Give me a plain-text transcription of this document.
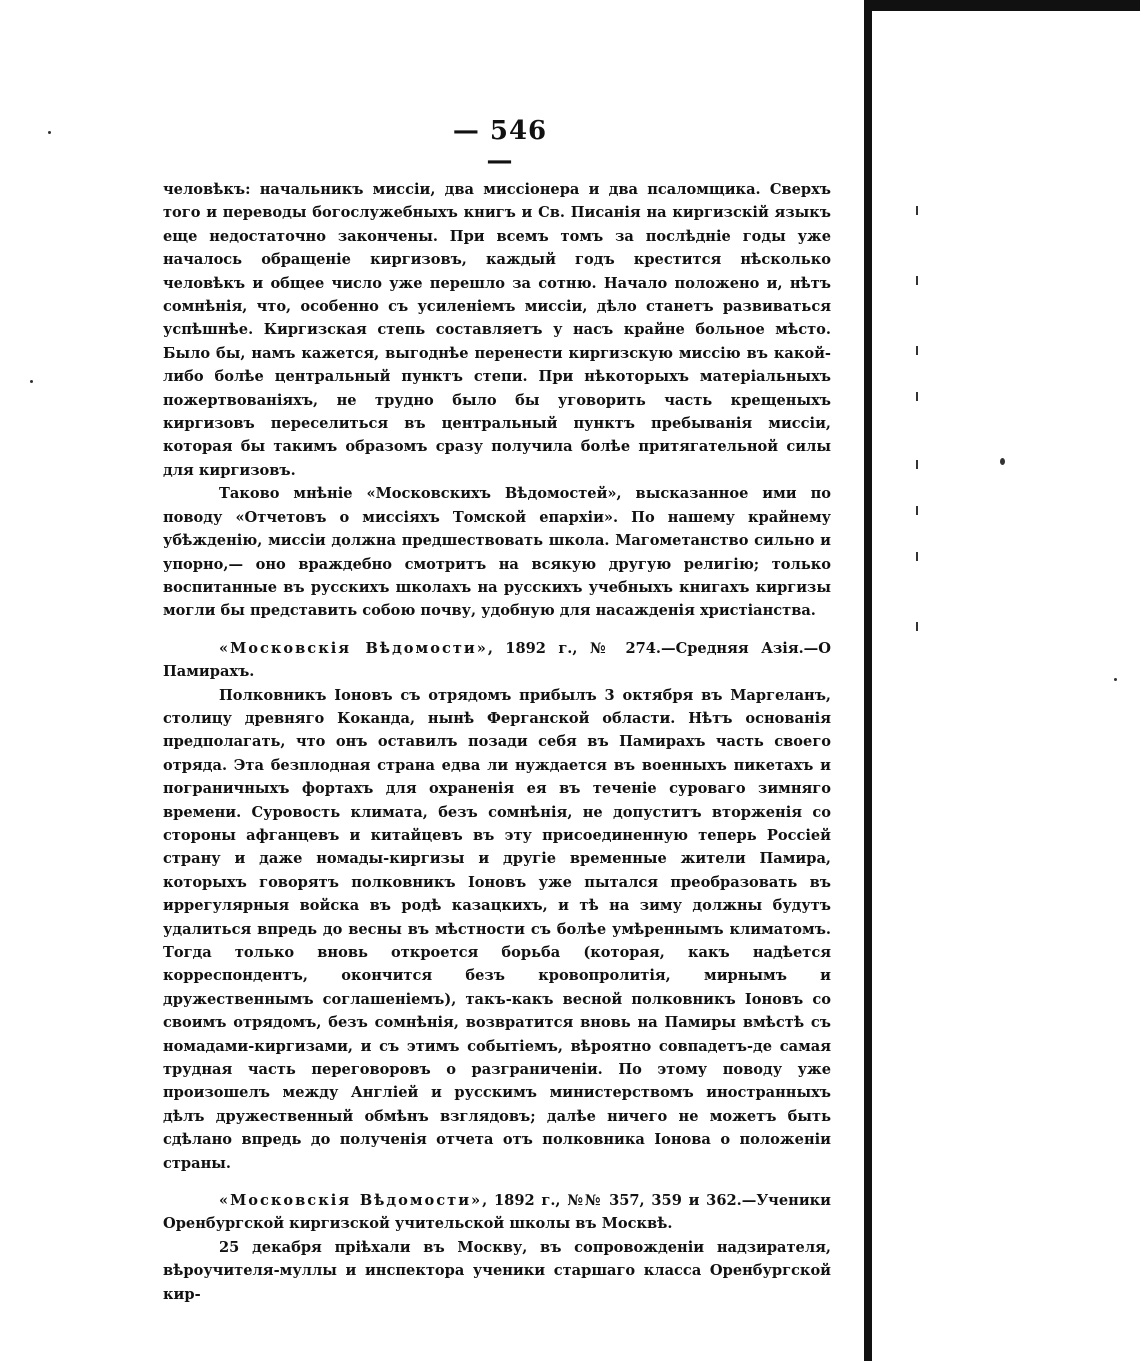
— 546 —

человѣкъ: начальникъ миссіи, два миссіонера и два псаломщика. Сверхъ того и переводы богослужебныхъ книгъ и Св. Писанія на киргизскій языкъ еще недостаточно закончены. При всемъ томъ за послѣдніе годы уже началось обращеніе киргизовъ, каждый годъ крестится нѣсколько человѣкъ и общее число уже перешло за сотню. Начало положено и, нѣтъ сомнѣнія, что, особенно съ усиленіемъ миссіи, дѣло станетъ развиваться успѣшнѣе. Киргизская степь составляетъ у насъ крайне больное мѣсто. Было бы, намъ кажется, выгоднѣе перенести киргизскую миссію въ какой-либо болѣе центральный пунктъ степи. При нѣкоторыхъ матеріальныхъ пожертвованіяхъ, не трудно было бы уговорить часть крещеныхъ киргизовъ переселиться въ центральный пунктъ пребыванія миссіи, которая бы такимъ образомъ сразу получила болѣе притягательной силы для киргизовъ.

Таково мнѣніе «Московскихъ Вѣдомостей», высказанное ими по поводу «Отчетовъ о миссіяхъ Томской епархіи». По нашему крайнему убѣжденію, миссіи должна предшествовать школа. Магометанство сильно и упорно,— оно враждебно смотритъ на всякую другую религію; только воспитанные въ русскихъ школахъ на русскихъ учебныхъ книгахъ киргизы могли бы представить собою почву, удобную для насажденія христіанства.

«Московскія Вѣдомости», 1892 г., № 274.—Средняя Азія.—О Памирахъ.

Полковникъ Іоновъ съ отрядомъ прибылъ 3 октября въ Маргеланъ, столицу древняго Коканда, нынѣ Ферганской области. Нѣтъ основанія предполагать, что онъ оставилъ позади себя въ Памирахъ часть своего отряда. Эта безплодная страна едва ли нуждается въ военныхъ пикетахъ и пограничныхъ фортахъ для охраненія ея въ теченіе суроваго зимняго времени. Суровость климата, безъ сомнѣнія, не допуститъ вторженія со стороны афганцевъ и китайцевъ въ эту присоединенную теперь Россіей страну и даже номады-киргизы и другіе временные жители Памира, которыхъ говорятъ полковникъ Іоновъ уже пытался преобразовать въ иррегулярныя войска въ родѣ казацкихъ, и тѣ на зиму должны будутъ удалиться впредь до весны въ мѣстности съ болѣе умѣреннымъ климатомъ. Тогда только вновь откроется борьба (которая, какъ надѣется корреспондентъ, окончится безъ кровопролитія, мирнымъ и дружественнымъ соглашеніемъ), такъ-какъ весной полковникъ Іоновъ со своимъ отрядомъ, безъ сомнѣнія, возвратится вновь на Памиры вмѣстѣ съ номадами-киргизами, и съ этимъ событіемъ, вѣроятно совпадетъ-де самая трудная часть переговоровъ о разграниченіи. По этому поводу уже произошелъ между Англіей и русскимъ министерствомъ иностранныхъ дѣлъ дружественный обмѣнъ взглядовъ; далѣе ничего не можетъ быть сдѣлано впредь до полученія отчета отъ полковника Іонова о положеніи страны.

«Московскія Вѣдомости», 1892 г., №№ 357, 359 и 362.—Ученики Оренбургской киргизской учительской школы въ Москвѣ.

25 декабря пріѣхали въ Москву, въ сопровожденіи надзирателя, вѣроучителя-муллы и инспектора ученики старшаго класса Оренбургской кир-
